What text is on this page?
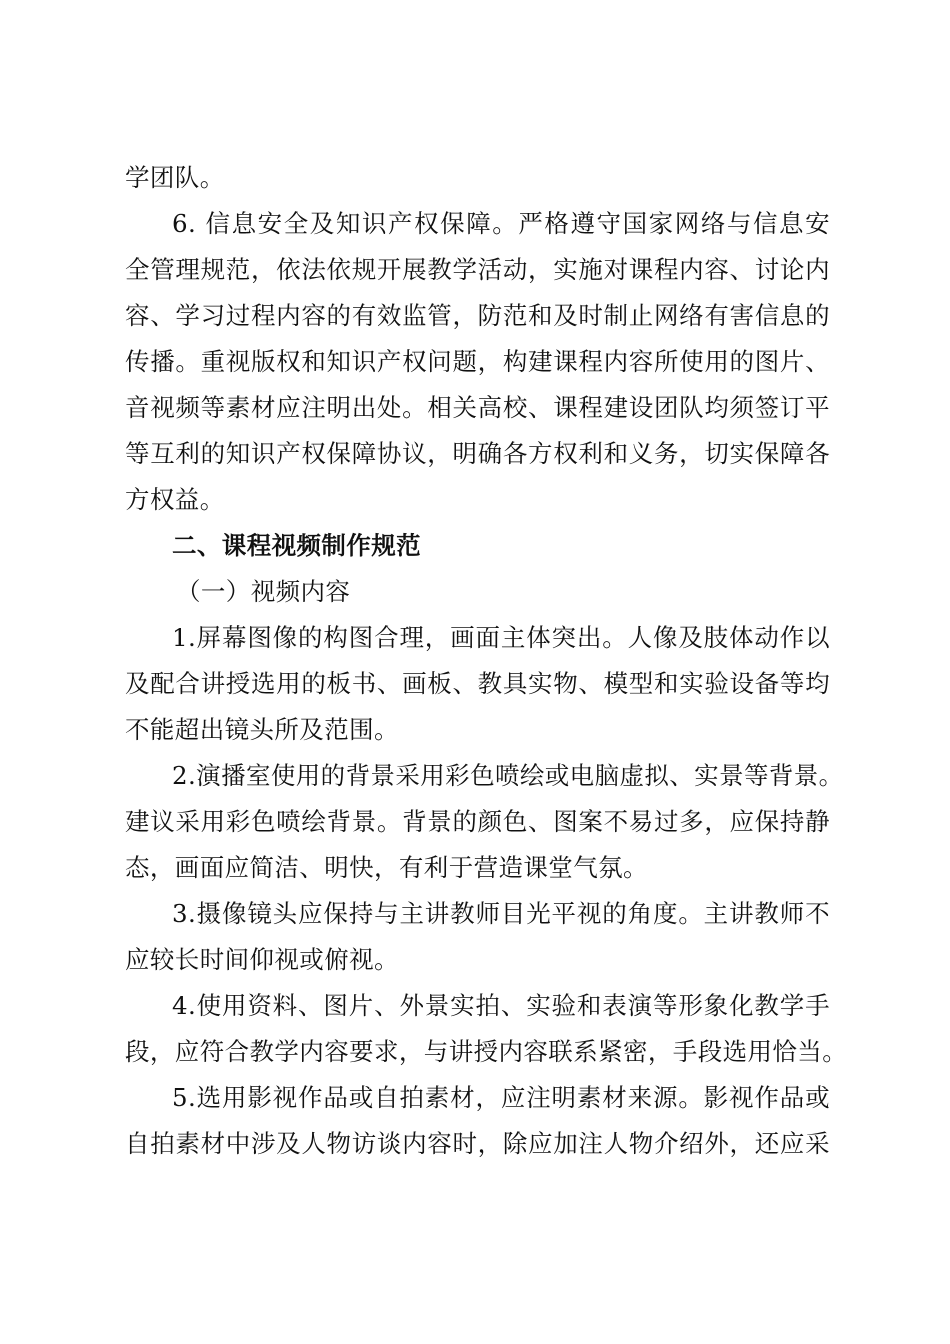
学团队。
6. 信息安全及知识产权保障。严格遵守国家网络与信息安
全管理规范，依法依规开展教学活动，实施对课程内容、讨论内
容、学习过程内容的有效监管，防范和及时制止网络有害信息的
传播。重视版权和知识产权问题，构建课程内容所使用的图片、
音视频等素材应注明出处。相关高校、课程建设团队均须签订平
等互利的知识产权保障协议，明确各方权利和义务，切实保障各
方权益。
二、课程视频制作规范
（一）视频内容
1.屏幕图像的构图合理，画面主体突出。人像及肢体动作以
及配合讲授选用的板书、画板、教具实物、模型和实验设备等均
不能超出镜头所及范围。
2.演播室使用的背景采用彩色喷绘或电脑虚拟、实景等背景。
建议采用彩色喷绘背景。背景的颜色、图案不易过多，应保持静
态，画面应简洁、明快，有利于营造课堂气氛。
3.摄像镜头应保持与主讲教师目光平视的角度。主讲教师不
应较长时间仰视或俯视。
4.使用资料、图片、外景实拍、实验和表演等形象化教学手
段，应符合教学内容要求，与讲授内容联系紧密，手段选用恰当。
5.选用影视作品或自拍素材，应注明素材来源。影视作品或
自拍素材中涉及人物访谈内容时，除应加注人物介绍外，还应采
